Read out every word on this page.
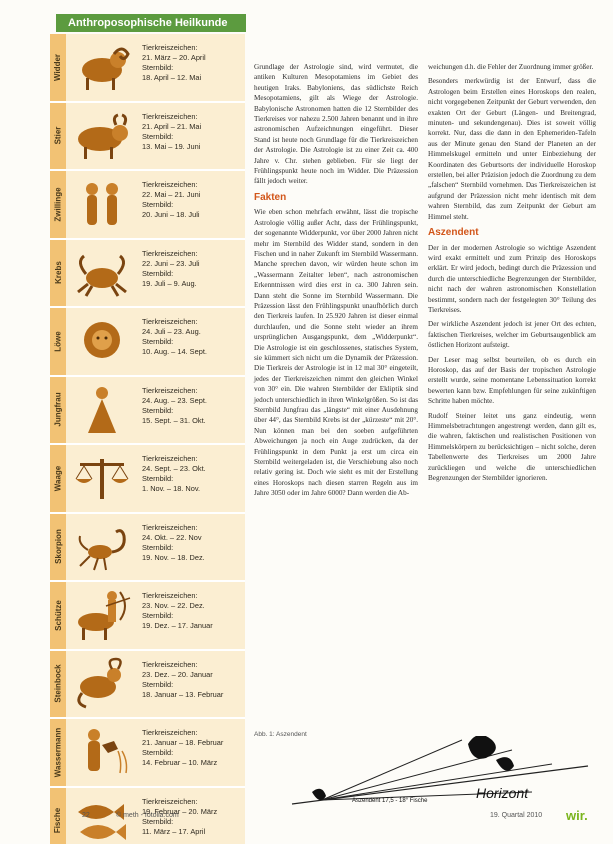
Anthroposophische Heilkunde
Widder
Tierkreiszeichen:
21. März – 20. April
Sternbild:
18. April – 12. Mai
Stier
Tierkreiszeichen:
21. April – 21. Mai
Sternbild:
13. Mai – 19. Juni
Zwillinge
Tierkreiszeichen:
22. Mai – 21. Juni
Sternbild:
20. Juni – 18. Juli
Krebs
Tierkreiszeichen:
22. Juni – 23. Juli
Sternbild:
19. Juli – 9. Aug.
Löwe
Tierkreiszeichen:
24. Juli – 23. Aug.
Sternbild:
10. Aug. – 14. Sept.
Jungfrau
Tierkreiszeichen:
24. Aug. – 23. Sept.
Sternbild:
15. Sept. – 31. Okt.
Waage
Tierkreiszeichen:
24. Sept. – 23. Okt.
Sternbild:
1. Nov. – 18. Nov.
Skorpion
Tierkreiszeichen:
24. Okt. – 22. Nov
Sternbild:
19. Nov. – 18. Dez.
Schütze
Tierkreiszeichen:
23. Nov. – 22. Dez.
Sternbild:
19. Dez. – 17. Januar
Steinbock
Tierkreiszeichen:
23. Dez. – 20. Januar
Sternbild:
18. Januar – 13. Februar
Wassermann	Tierkreiszeichen:
21. Januar – 18. Februar
Sternbild:
14. Februar – 10. März
Fische
Tierkreiszeichen:
19. Februar – 20. März
Sternbild:
11. März – 17. April

Grundlage der Astrologie sind, wird vermutet, die antiken Kulturen Mesopotamiens im Gebiet des heutigen Iraks. Babyloniens, das südlichste Reich Mesopotamiens, gilt als Wiege der Astrologie. Babylonische Astronomen hatten die 12 Sternbilder des Tierkreises vor nahezu 2.500 Jahren benannt und in ihre astronomischen Aufzeichnungen eingeführt. Dieser Stand ist heute noch Grundlage für die Tierkreiszeichen der Astrologie. Die Astrologie ist zu einer Zeit ca. 400 Jahre v. Chr. stehen geblieben. Für sie liegt der Frühlingspunkt heute noch im Widder. Die Präzession fällt jedoch weiter.

Fakten

Wie eben schon mehrfach erwähnt, lässt die tropische Astrologie völlig außer Acht, dass der Frühlingspunkt, der sogenannte Widderpunkt, vor über 2000 Jahren nicht mehr im Sternbild des Widder stand, sondern in den Fischen und in naher Zukunft im Sternbild Wassermann. Manche sprechen davon, wir würden heute schon im „Wassermann Zeitalter leben“, nach astronomischen Erkenntnissen wird dies erst in ca. 300 Jahren sein. Dann steht die Sonne im Sternbild Wassermann. Die Präzession lässt den Frühlingspunkt unaufhörlich durch den Tierkreis laufen. In 25.920 Jahren ist dieser einmal durchlaufen, und die Sonne steht wieder an ihrem ursprünglichen Ausgangspunkt, dem „Widderpunkt“. Die Astrologie ist ein geschlossenes, statisches System, sie kümmert sich nicht um die Dynamik der Präzession. Die Tierkreis der Astrologie ist in 12 mal 30° eingeteilt, jedes der Tierkreiszeichen nimmt den gleichen Winkel von 30° ein. Die wahren Sternbilder der Ekliptik sind jedoch unterschiedlich in ihren Winkelgrößen. So ist das Sternbild Jungfrau das „längste“ mit einer Ausdehnung über 44°, das Sternbild Krebs ist der „kürzeste“ mit 20°. Nun können man bei den soeben aufgeführten Abweichungen ja noch ein Auge zudrücken, da der Frühlingspunkt in dem Punkt ja erst um circa ein Sternbild weitergeladen ist, die Verschiebung also noch relativ gering ist. Doch wie sieht es mit der Erstellung eines Horoskops nach diesen starren Regeln aus im Jahre 3050 oder im Jahre 6000? Dann werden die Ab-

weichungen d.h. die Fehler der Zuordnung immer größer.

Besonders merkwürdig ist der Entwurf, dass die Astrologen beim Erstellen eines Horoskops den realen, nicht vorgegebenen Zeitpunkt der Geburt verwenden, den exakten Ort der Geburt (Längen- und Breitengrad, minuten- und sekundengenau). Dies ist soweit völlig korrekt. Nur, dass die dann in den Ephemeriden-Tafeln aus der Minute genau den Stand der Planeten an der Himmelskugel ermitteln und unter Einbeziehung der Koordinaten des Geburtsorts der individuelle Horoskop erstellen, bei aller Präzision jedoch die Zuordnung zu dem „falschen“ Sternbild vornehmen. Das Tierkreiszeichen ist aufgrund der Präzession nicht mehr identisch mit dem wahren Sternbild, das zum Zeitpunkt der Geburt am Himmel steht.

Aszendent

Der in der modernen Astrologie so wichtige Aszendent wird exakt ermittelt und zum Prinzip des Horoskops erklärt. Er wird jedoch, bedingt durch die Präzession und durch die unterschiedliche Begrenzungen der Sternbilder, nicht nach der wahren astronomischen Konstellation bestimmt, sondern nach der festgelegten 30° Teilung des Tierkreises.

Der wirkliche Aszendent jedoch ist jener Ort des echten, faktischen Tierkreises, welcher im Geburtsaugenblick am östlichen Horizont aufsteigt.

Der Leser mag selbst beurteilen, ob es durch ein Horoskop, das auf der Basis der tropischen Astrologie erstellt wurde, seine momentane Lebenssituation korrekt bewerten kann bzw. Empfehlungen für seine zukünftigen Schritte haben möchte.

Rudolf Steiner leitet uns ganz eindeutig, wenn Himmelsbetrachtungen angestrengt werden, dann gilt es, die wahren, faktischen und realistischen Positionen von Himmelskörpern zu berücksichtigen – nicht solche, deren Tabellenwerte des Tierkreises um 2000 Jahre zurückliegen und welche die unterschiedlichen Begrenzungen der Sternbilder ignorieren.

Abb. 1: Aszendent
Horizont
Aszendent 17,5 - 18° Fische
22	© meth - fotolia.com	19. Quartal 2010 wir.
